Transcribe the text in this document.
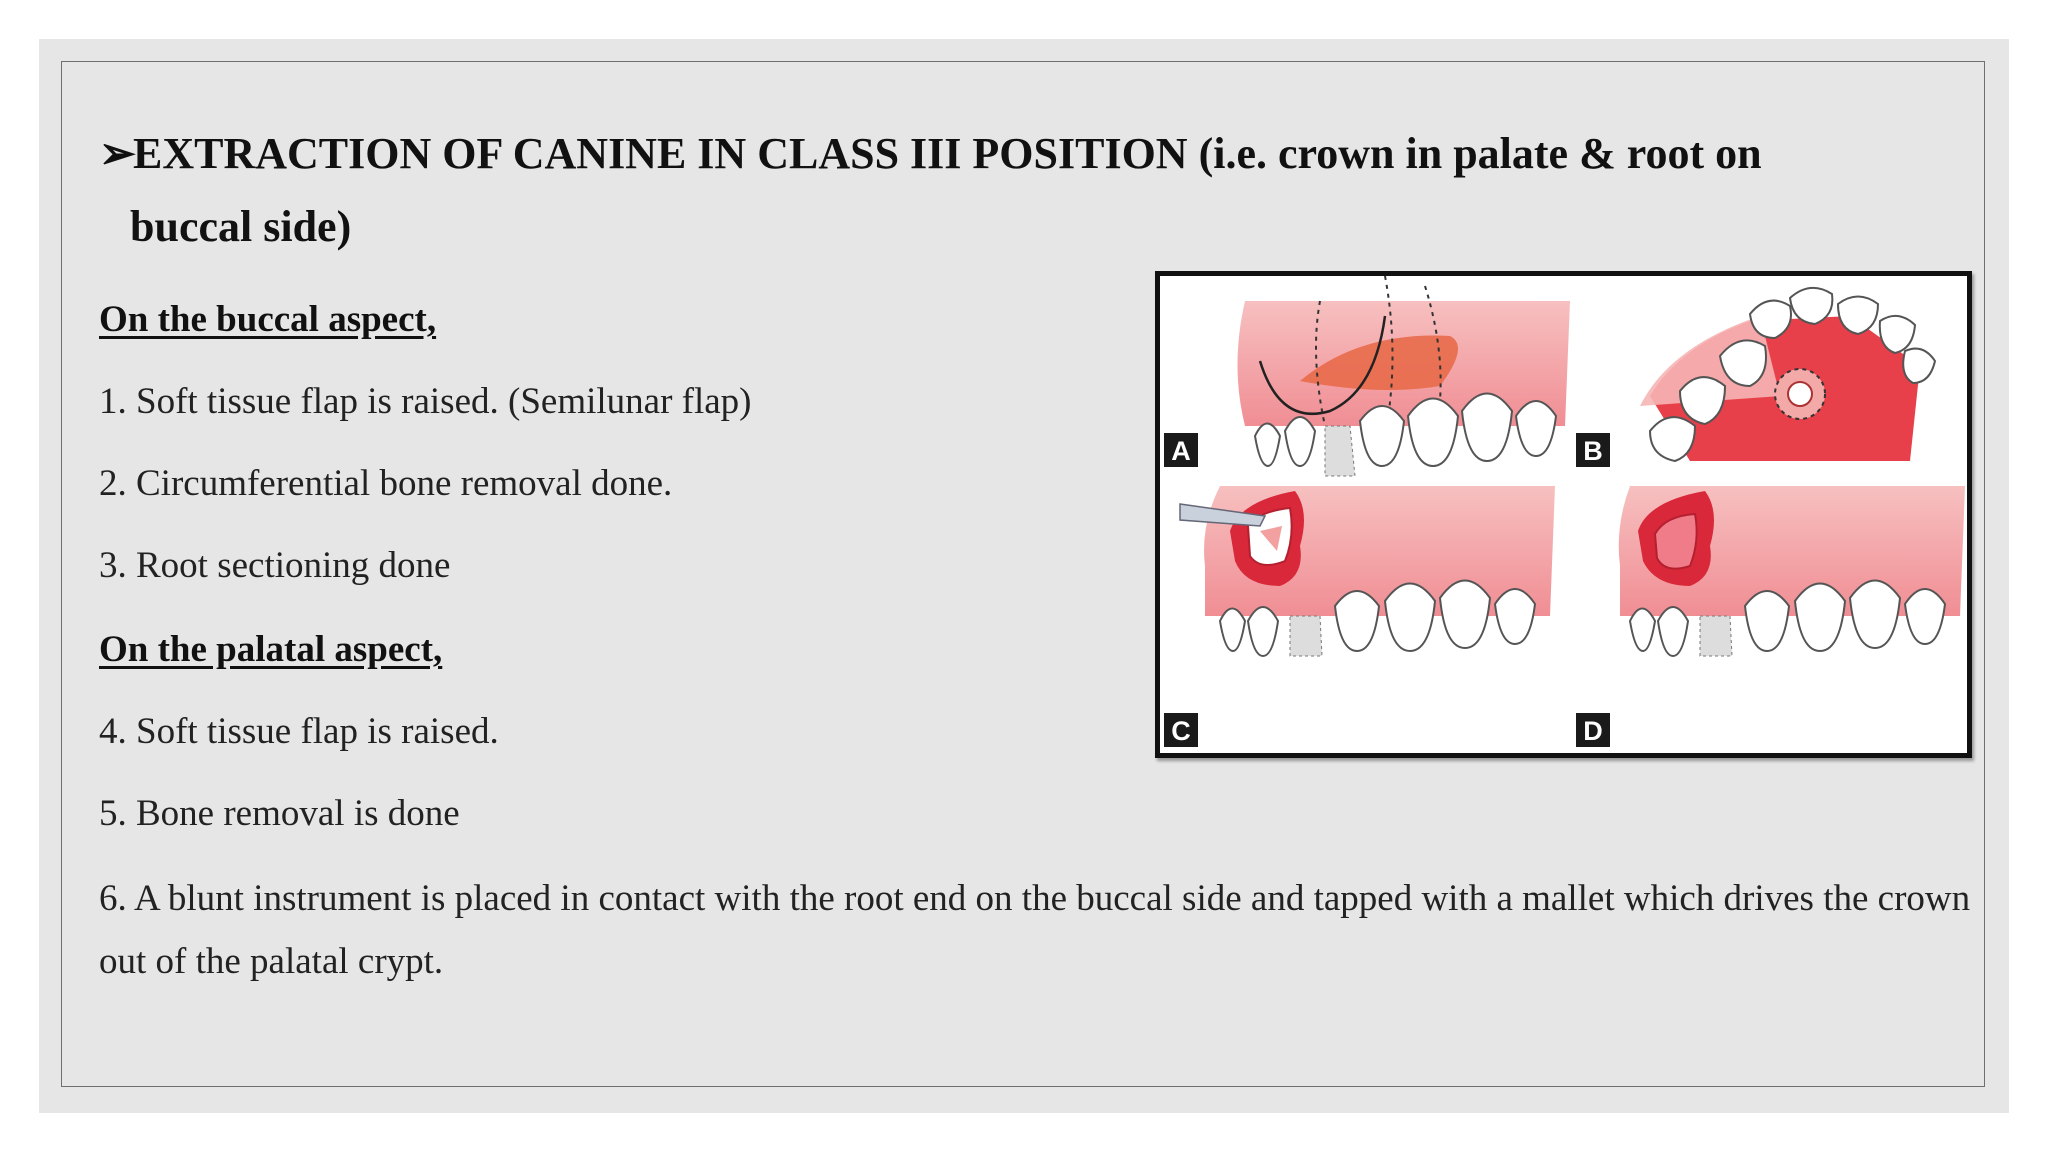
➢EXTRACTION OF CANINE IN CLASS III POSITION (i.e. crown in palate & root on
buccal side)

On the buccal aspect,

1. Soft tissue flap is raised. (Semilunar flap)

2. Circumferential bone removal done.

3. Root sectioning done

On the palatal aspect,

4. Soft tissue flap is raised.

5. Bone removal is done

6. A blunt instrument is placed in contact with the root end on the buccal side and tapped with a mallet which drives the crown out of the palatal crypt.

A	B
C	D
